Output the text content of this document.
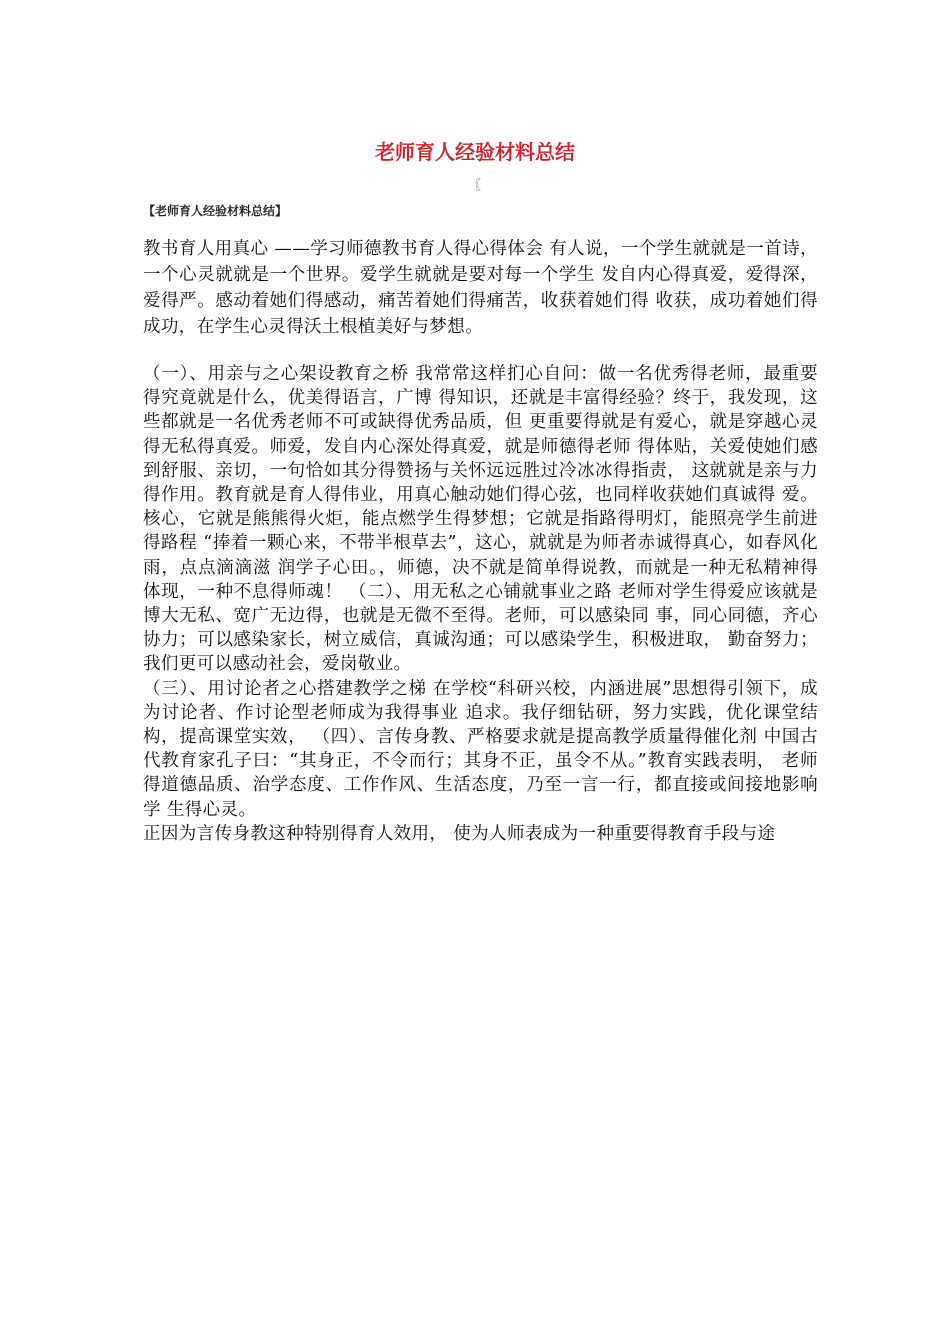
老师育人经验材料总结
〖
【老师育人经验材料总结】

教书育人用真心 ——学习师德教书育人得心得体会 有人说，一个学生就就是一首诗，一个心灵就就是一个世界。爱学生就就是要对每一个学生 发自内心得真爱，爱得深，爱得严。感动着她们得感动，痛苦着她们得痛苦，收获着她们得 收获，成功着她们得成功，在学生心灵得沃土根植美好与梦想。

（一）、用亲与之心架设教育之桥 我常常这样扪心自问：做一名优秀得老师，最重要得究竟就是什么，优美得语言，广博 得知识，还就是丰富得经验？终于，我发现，这些都就是一名优秀老师不可或缺得优秀品质，但 更重要得就是有爱心，就是穿越心灵得无私得真爱。师爱，发自内心深处得真爱，就是师德得老师 得体贴，关爱使她们感到舒服、亲切，一句恰如其分得赞扬与关怀远远胜过冷冰冰得指责， 这就就是亲与力得作用。教育就是育人得伟业，用真心触动她们得心弦，也同样收获她们真诚得 爱。核心，它就是熊熊得火炬，能点燃学生得梦想；它就是指路得明灯，能照亮学生前进得路程 “捧着一颗心来，不带半根草去”，这心，就就是为师者赤诚得真心，如春风化雨，点点滴滴滋 润学子心田。，师德，决不就是简单得说教，而就是一种无私精神得体现，一种不息得师魂！ （二）、用无私之心铺就事业之路 老师对学生得爱应该就是博大无私、宽广无边得，也就是无微不至得。老师，可以感染同 事，同心同德，齐心协力；可以感染家长，树立威信，真诚沟通；可以感染学生，积极进取， 勤奋努力；我们更可以感动社会，爱岗敬业。
（三）、用讨论者之心搭建教学之梯 在学校“科研兴校，内涵进展”思想得引领下，成为讨论者、作讨论型老师成为我得事业 追求。我仔细钻研，努力实践，优化课堂结构，提高课堂实效， （四）、言传身教、严格要求就是提高教学质量得催化剂 中国古代教育家孔子曰：“其身正，不令而行；其身不正，虽令不从。”教育实践表明， 老师得道德品质、治学态度、工作作风、生活态度，乃至一言一行，都直接或间接地影响学 生得心灵。
正因为言传身教这种特别得育人效用， 使为人师表成为一种重要得教育手段与途
